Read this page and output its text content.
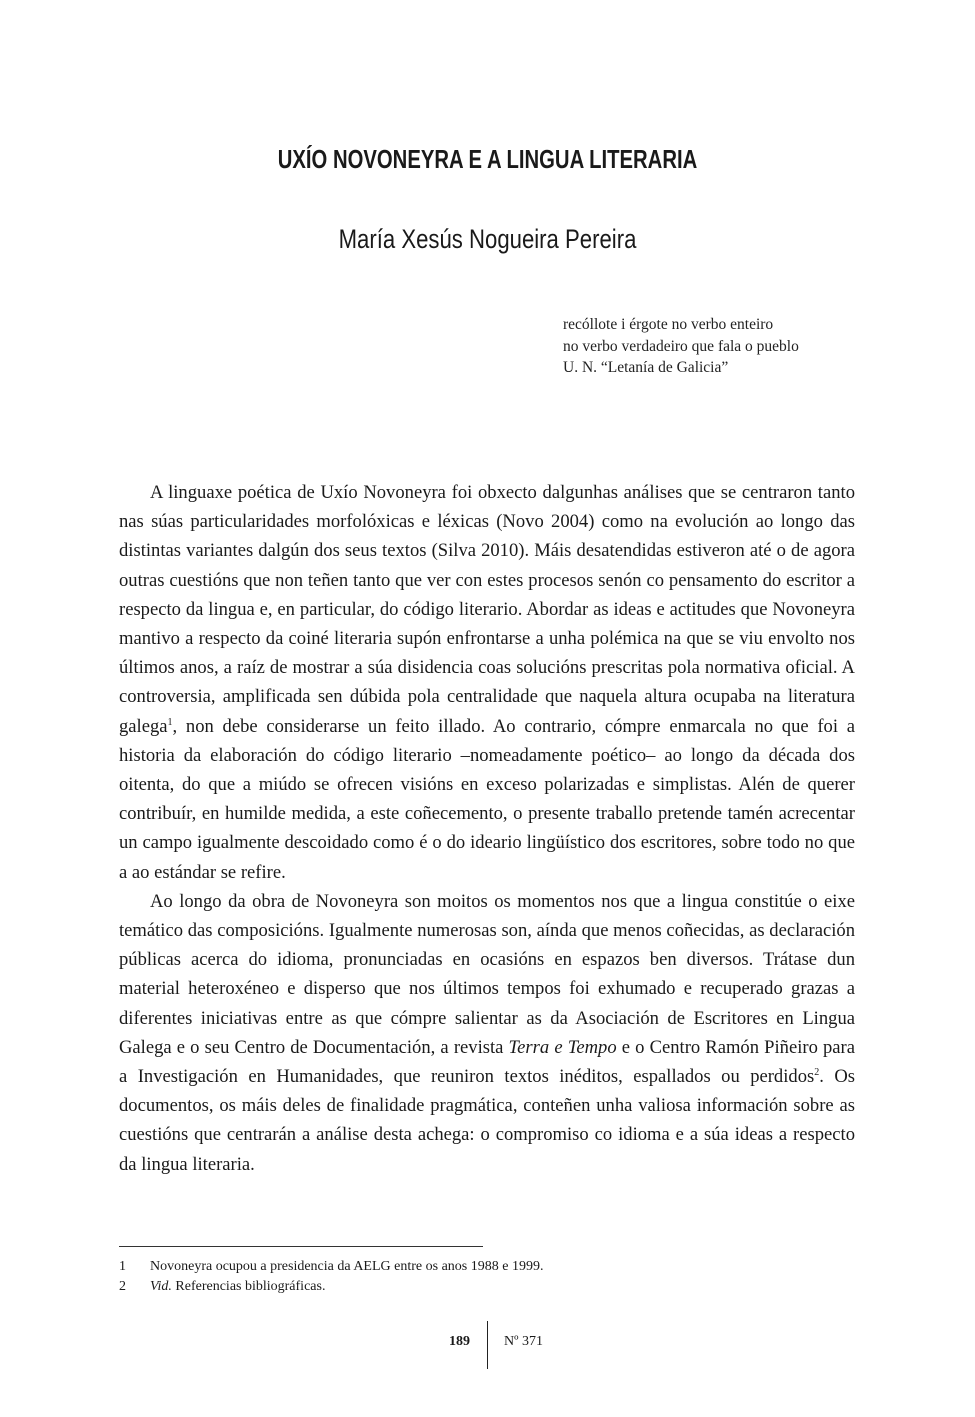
UXÍO NOVONEYRA E A LINGUA LITERARIA
María Xesús Nogueira Pereira
recóllote i érgote no verbo enteiro
no verbo verdadeiro que fala o pueblo
U. N. “Letanía de Galicia”

A linguaxe poética de Uxío Novoneyra foi obxecto dalgunhas análises que se centraron tanto nas súas particularidades morfolóxicas e léxicas (Novo 2004) como na evolución ao longo das distintas variantes dalgún dos seus textos (Silva 2010). Máis desatendidas estiveron até o de agora outras cuestións que non teñen tanto que ver con estes procesos senón co pensamento do escritor a respecto da lingua e, en particular, do código literario. Abordar as ideas e actitudes que Novoneyra mantivo a respecto da coiné literaria supón enfrontarse a unha polémica na que se viu envolto nos últimos anos, a raíz de mostrar a súa disidencia coas solucións prescritas pola normativa oficial. A controversia, amplificada sen dúbida pola centralidade que naquela altura ocupaba na literatura galega$^1$, non debe considerarse un feito illado. Ao contrario, cómpre enmarcala no que foi a historia da elaboración do código literario –nomeadamente poético– ao longo da década dos oitenta, do que a miúdo se ofrecen visións en exceso polarizadas e simplistas. Alén de querer contribuír, en humilde medida, a este coñecemento, o presente traballo pretende tamén acrecentar un campo igualmente descoidado como é o do ideario lingüístico dos escritores, sobre todo no que a ao estándar se refire.

Ao longo da obra de Novoneyra son moitos os momentos nos que a lingua constitúe o eixe temático das composicións. Igualmente numerosas son, aínda que menos coñecidas, as declaración públicas acerca do idioma, pronunciadas en ocasións en espazos ben diversos. Trátase dun material heteroxéneo e disperso que nos últimos tempos foi exhumado e recuperado grazas a diferentes iniciativas entre as que cómpre salientar as da Asociación de Escritores en Lingua Galega e o seu Centro de Documentación, a revista Terra e Tempo e o Centro Ramón Piñeiro para a Investigación en Humanidades, que reuniron textos inéditos, espallados ou perdidos$^2$. Os documentos, os máis deles de finalidade pragmática, conteñen unha valiosa información sobre as cuestións que centrarán a análise desta achega: o compromiso co idioma e a súa ideas a respecto da lingua literaria.

1	Novoneyra ocupou a presidencia da AELG entre os anos 1988 e 1999.
2	Vid. Referencias bibliográficas.
189 Nº 371
